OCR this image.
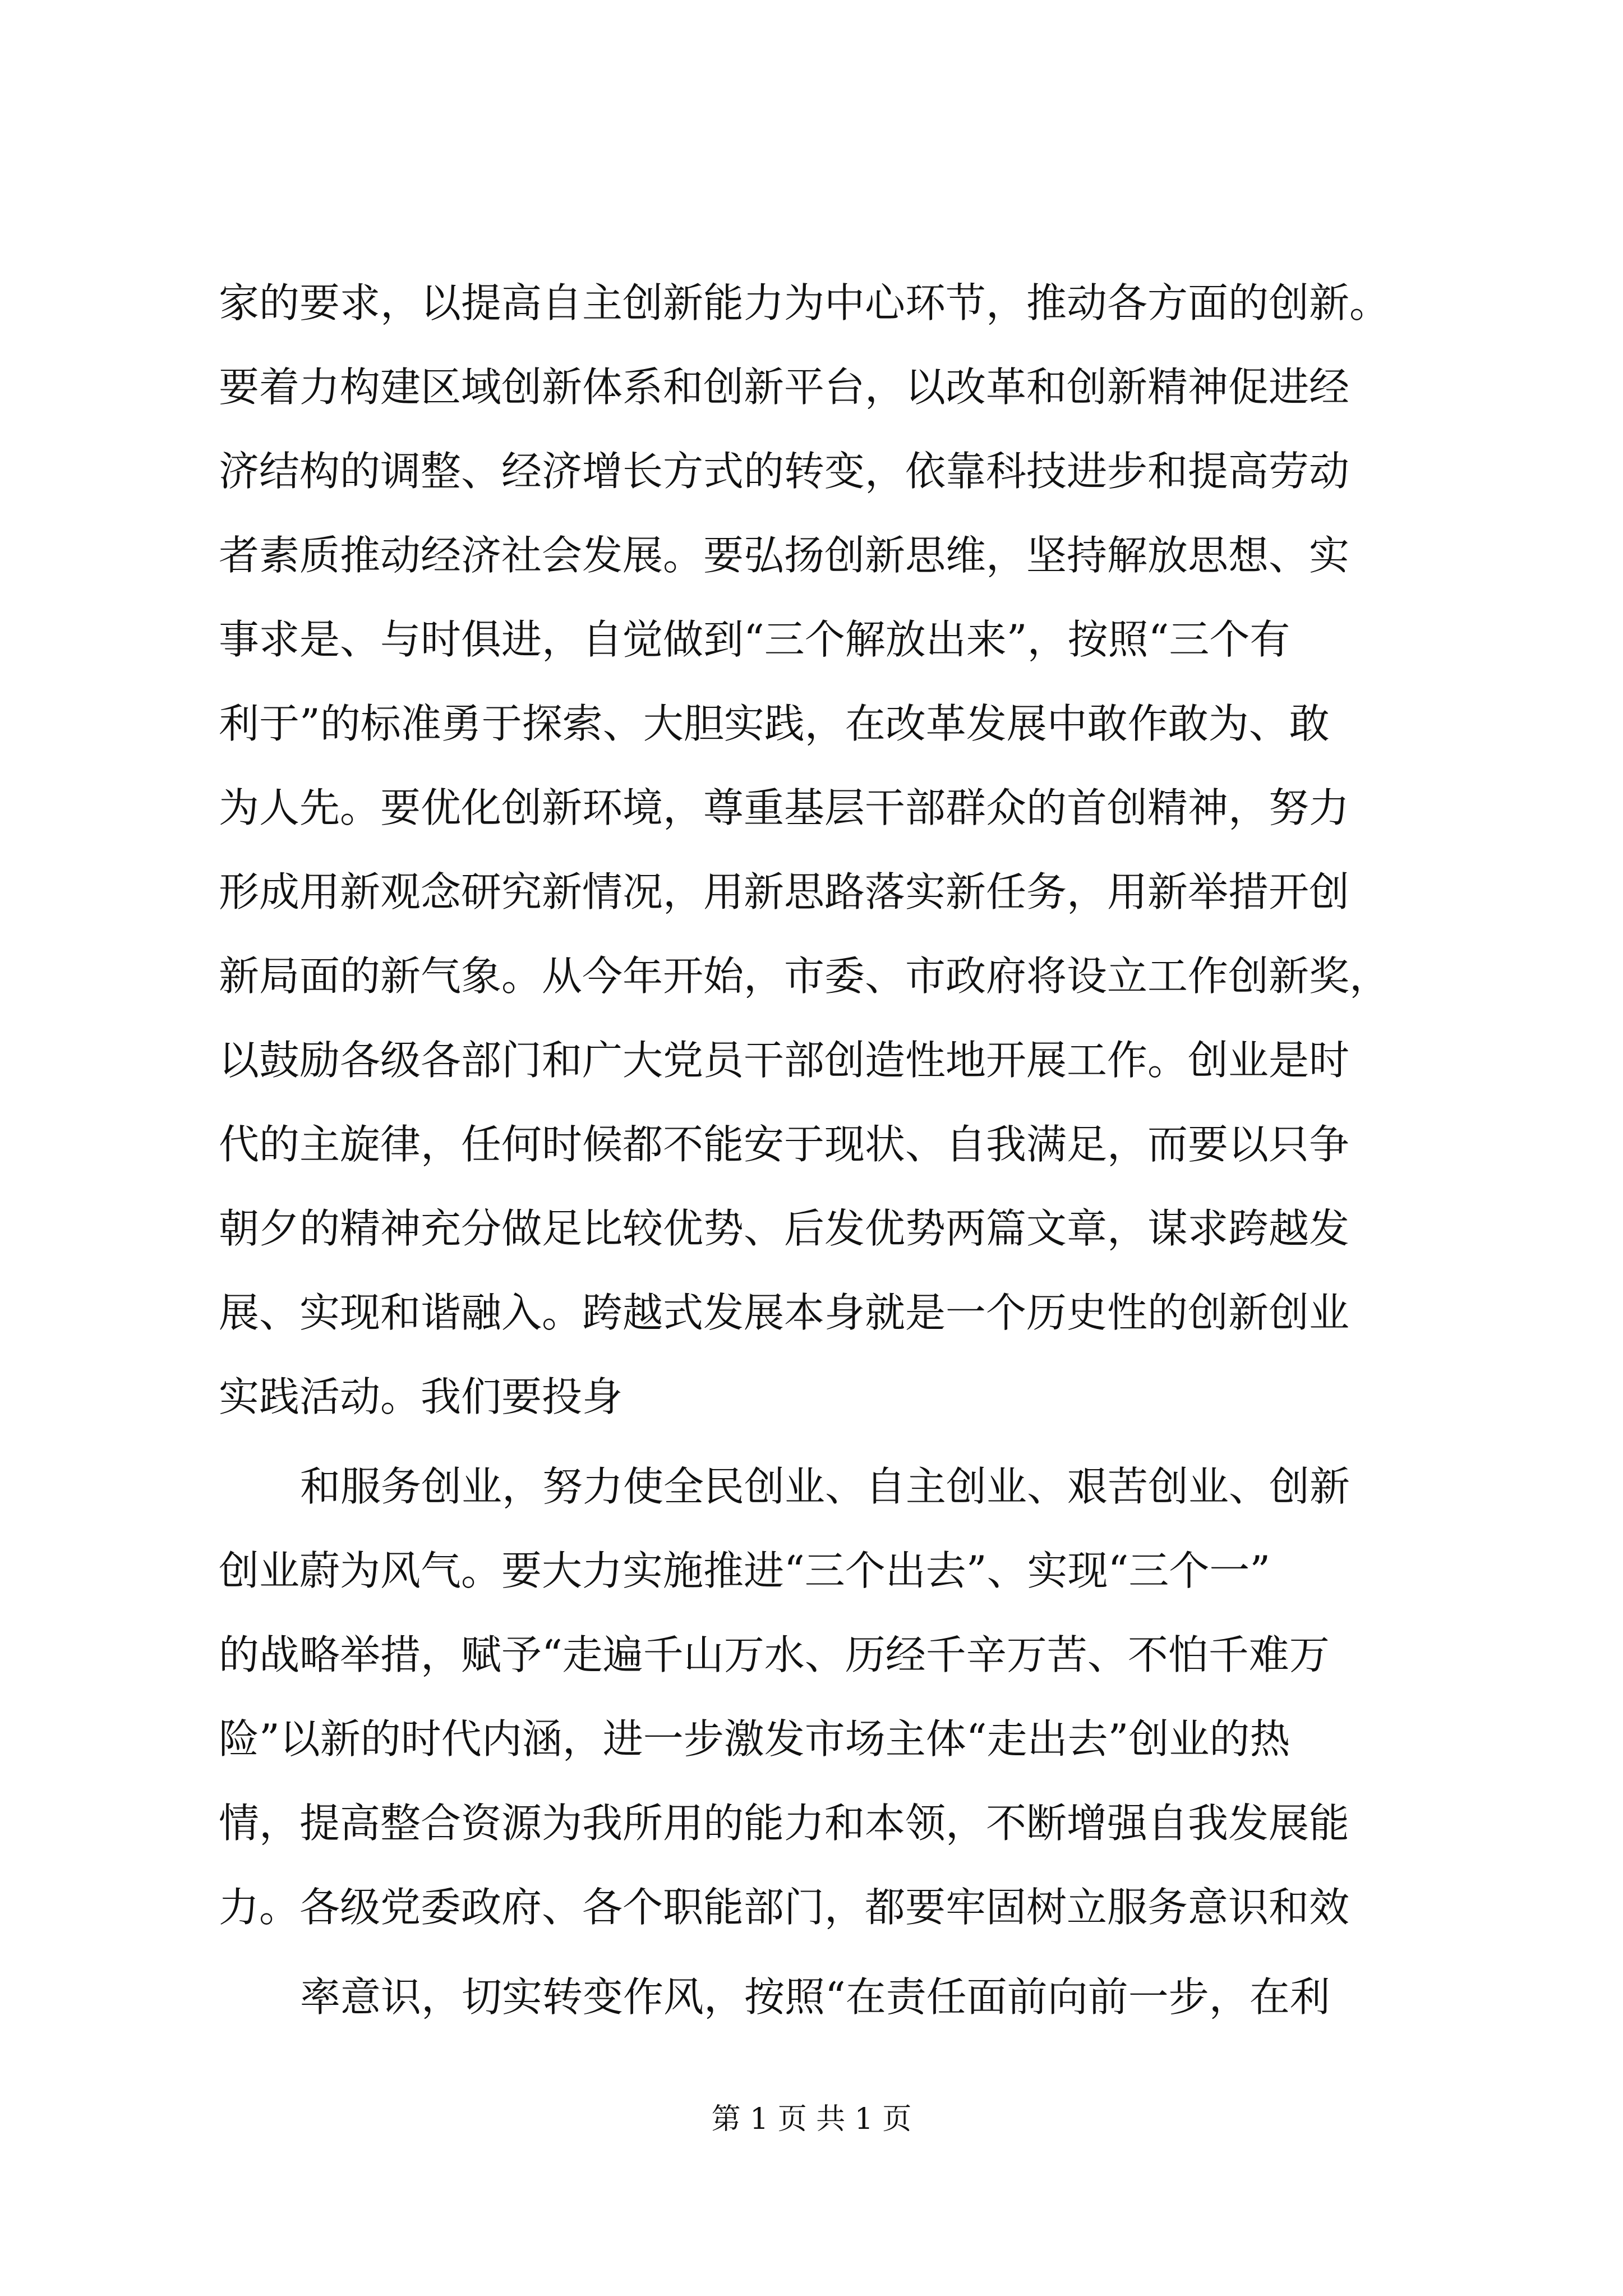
家的要求，以提高自主创新能力为中心环节，推动各方面的创新。
要着力构建区域创新体系和创新平台，以改革和创新精神促进经
济结构的调整、经济增长方式的转变，依靠科技进步和提高劳动
者素质推动经济社会发展。要弘扬创新思维，坚持解放思想、实
事求是、与时俱进，自觉做到“三个解放出来”，按照“三个有
利于”的标准勇于探索、大胆实践，在改革发展中敢作敢为、敢
为人先。要优化创新环境，尊重基层干部群众的首创精神，努力
形成用新观念研究新情况，用新思路落实新任务，用新举措开创
新局面的新气象。从今年开始，市委、市政府将设立工作创新奖，
以鼓励各级各部门和广大党员干部创造性地开展工作。创业是时
代的主旋律，任何时候都不能安于现状、自我满足，而要以只争
朝夕的精神充分做足比较优势、后发优势两篇文章，谋求跨越发
展、实现和谐融入。跨越式发展本身就是一个历史性的创新创业
实践活动。我们要投身
和服务创业，努力使全民创业、自主创业、艰苦创业、创新
创业蔚为风气。要大力实施推进“三个出去”、实现“三个一”
的战略举措，赋予“走遍千山万水、历经千辛万苦、不怕千难万
险”以新的时代内涵，进一步激发市场主体“走出去”创业的热
情，提高整合资源为我所用的能力和本领，不断增强自我发展能
力。各级党委政府、各个职能部门，都要牢固树立服务意识和效
率意识，切实转变作风，按照“在责任面前向前一步，在利
第 1 页 共 1 页
